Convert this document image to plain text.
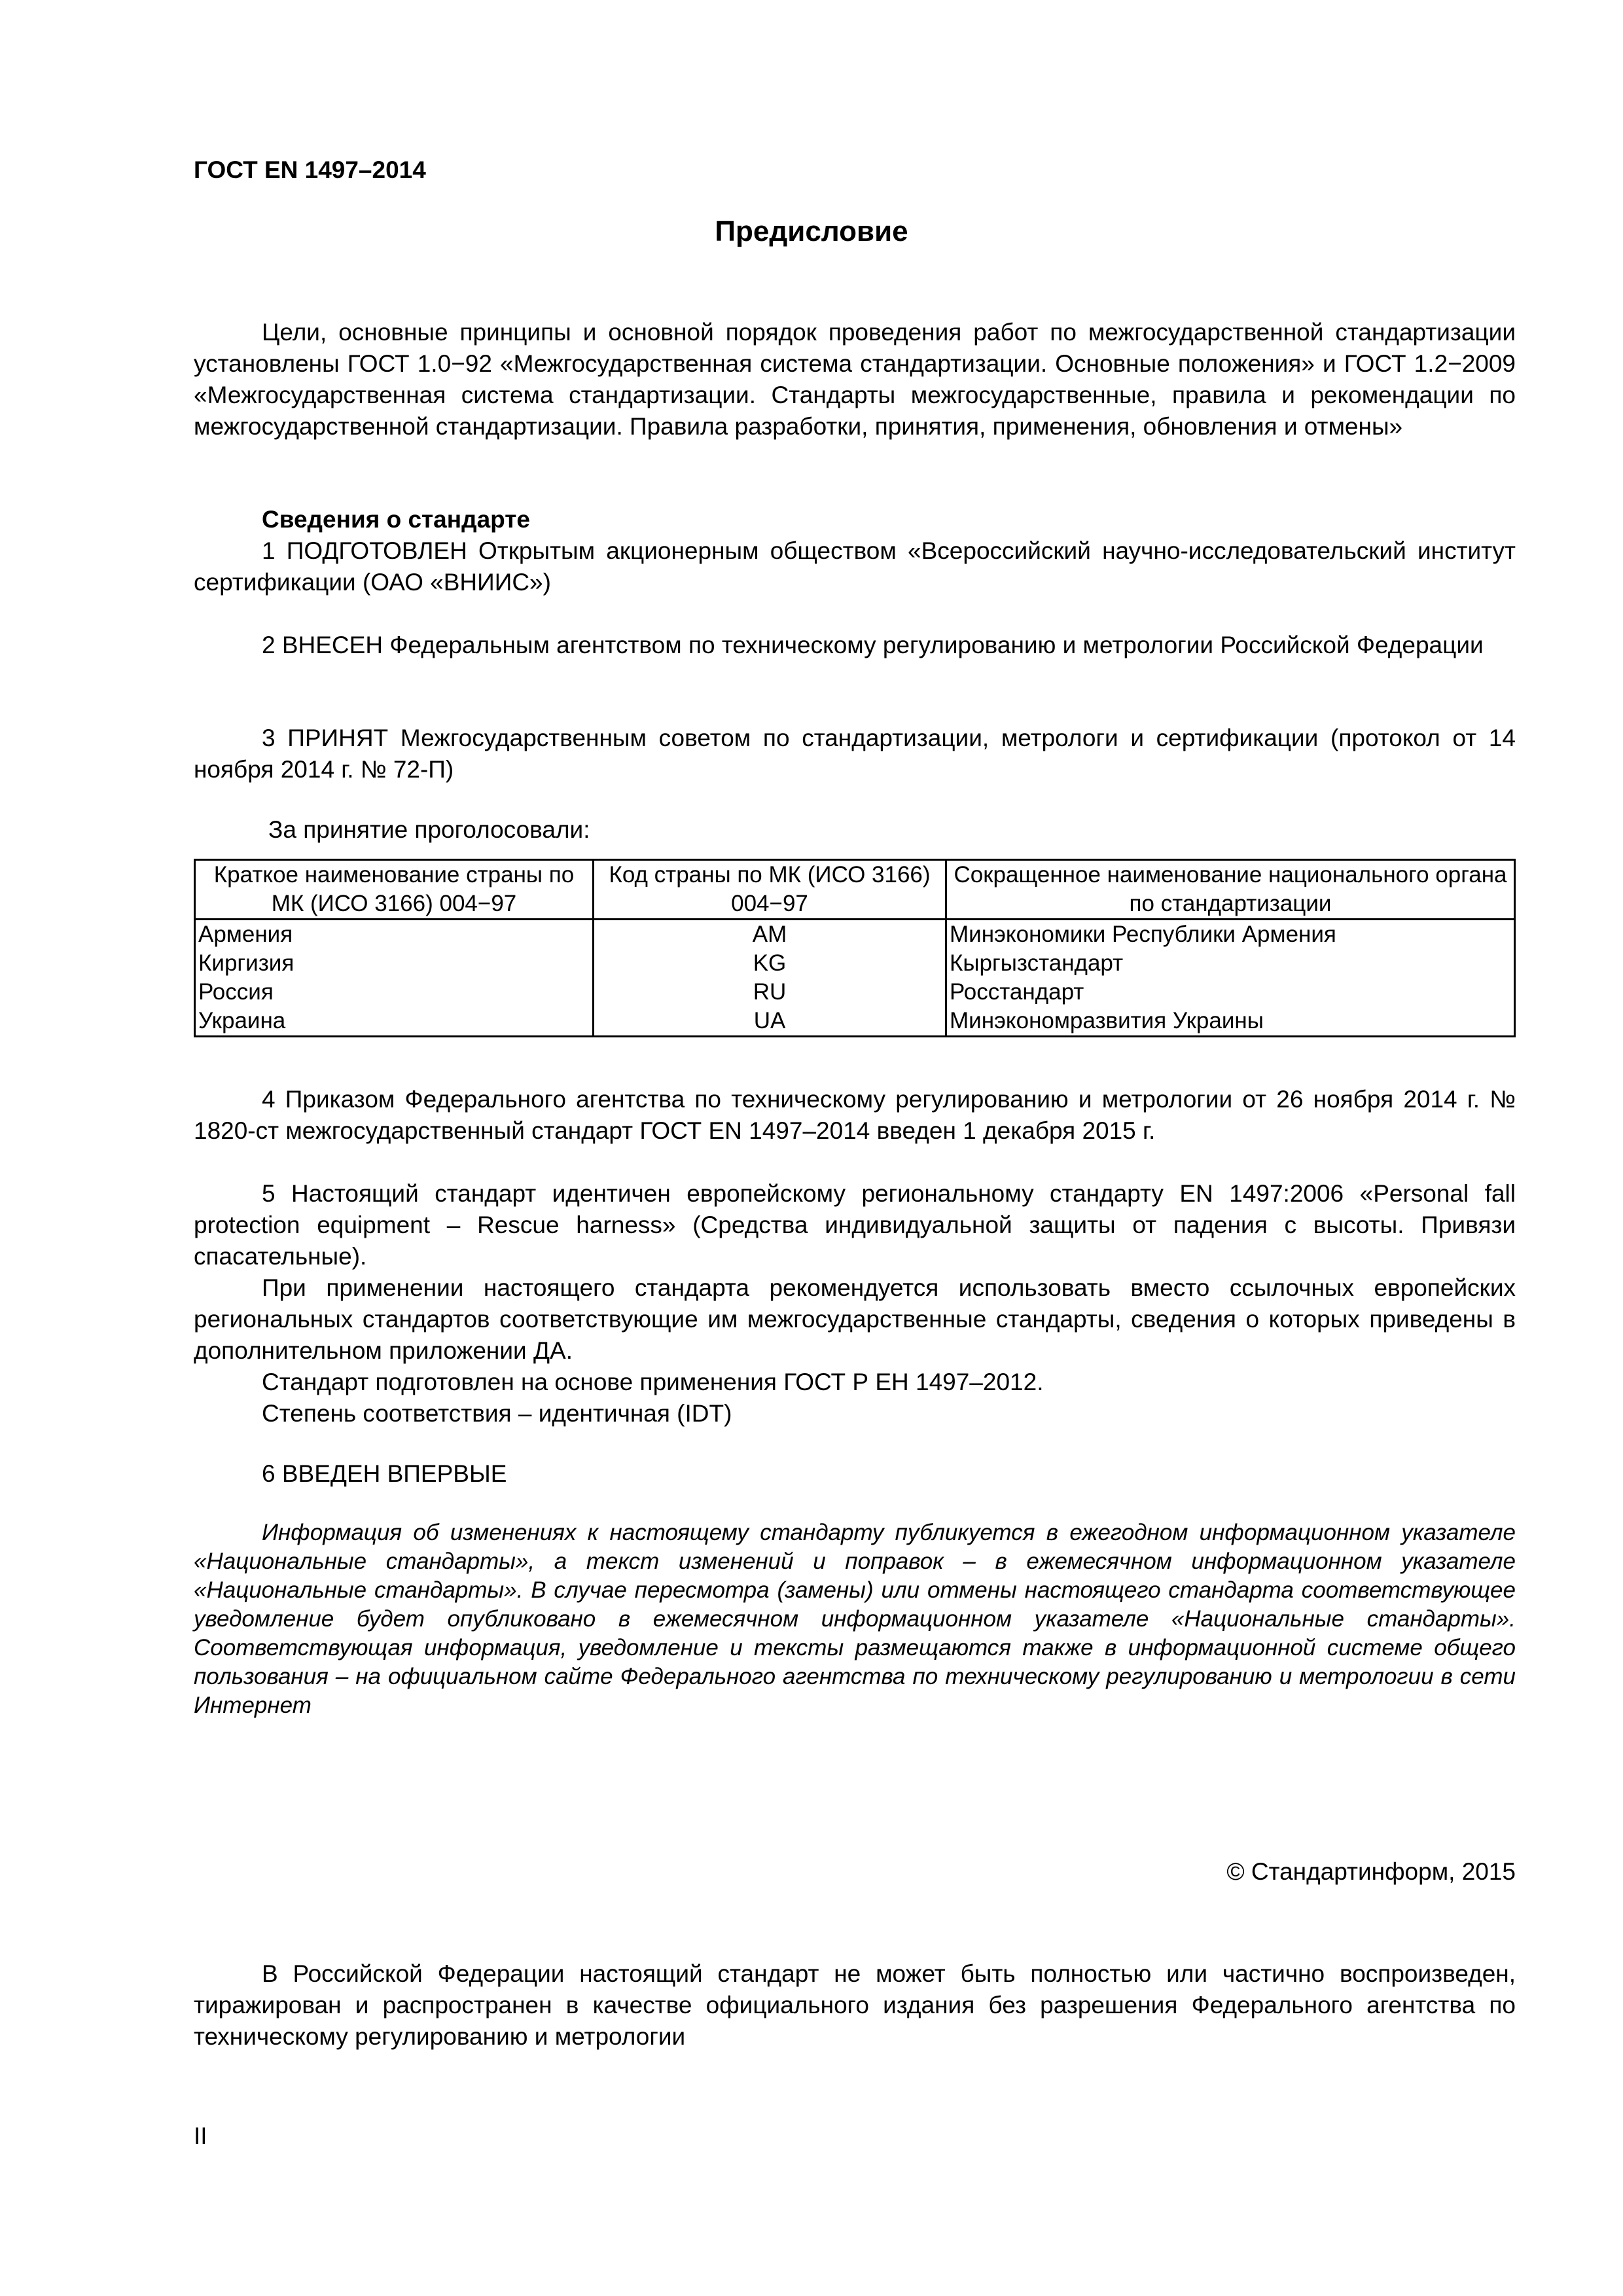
ГОСТ EN 1497–2014
Предисловие

Цели, основные принципы и основной порядок проведения работ по межгосударственной стандартизации установлены ГОСТ 1.0−92 «Межгосударственная система стандартизации. Основные положения» и ГОСТ 1.2−2009 «Межгосударственная система стандартизации. Стандарты межгосударственные, правила и рекомендации по межгосударственной стандартизации. Правила разработки, принятия, применения, обновления и отмены»

Сведения о стандарте

1 ПОДГОТОВЛЕН Открытым акционерным обществом «Всероссийский научно-исследовательский институт сертификации (ОАО «ВНИИС»)

2 ВНЕСЕН Федеральным агентством по техническому регулированию и метрологии Российской Федерации

3 ПРИНЯТ Межгосударственным советом по стандартизации, метрологи и сертификации (протокол от 14 ноября 2014 г. № 72-П)

За принятие проголосовали:

Краткое наименование страны по МК (ИСО 3166) 004−97	Код страны по МК (ИСО 3166) 004−97	Сокращенное наименование национального органа по стандартизации
Армения	AM	Минэкономики Республики Армения
Киргизия	KG	Кыргызстандарт
Россия	RU	Росстандарт
Украина	UA	Минэкономразвития Украины

4 Приказом Федерального агентства по техническому регулированию и метрологии от 26 ноября 2014 г. № 1820-ст межгосударственный стандарт ГОСТ EN 1497–2014 введен 1 декабря 2015 г.

5 Настоящий стандарт идентичен европейскому региональному стандарту EN 1497:2006 «Personal fall protection equipment – Rescue harness» (Средства индивидуальной защиты от падения с высоты. Привязи спасательные).

При применении настоящего стандарта рекомендуется использовать вместо ссылочных европейских региональных стандартов соответствующие им межгосударственные стандарты, сведения о которых приведены в дополнительном приложении ДА.

Стандарт подготовлен на основе применения ГОСТ Р ЕН 1497–2012.

Степень соответствия – идентичная (IDT)

6 ВВЕДЕН ВПЕРВЫЕ

Информация об изменениях к настоящему стандарту публикуется в ежегодном информационном указателе «Национальные стандарты», а текст изменений и поправок – в ежемесячном информационном указателе «Национальные стандарты». В случае пересмотра (замены) или отмены настоящего стандарта соответствующее уведомление будет опубликовано в ежемесячном информационном указателе «Национальные стандарты». Соответствующая информация, уведомление и тексты размещаются также в информационной системе общего пользования – на официальном сайте Федерального агентства по техническому регулированию и метрологии в сети Интернет

© Стандартинформ, 2015

В Российской Федерации настоящий стандарт не может быть полностью или частично воспроизведен, тиражирован и распространен в качестве официального издания без разрешения Федерального агентства по техническому регулированию и метрологии

II
